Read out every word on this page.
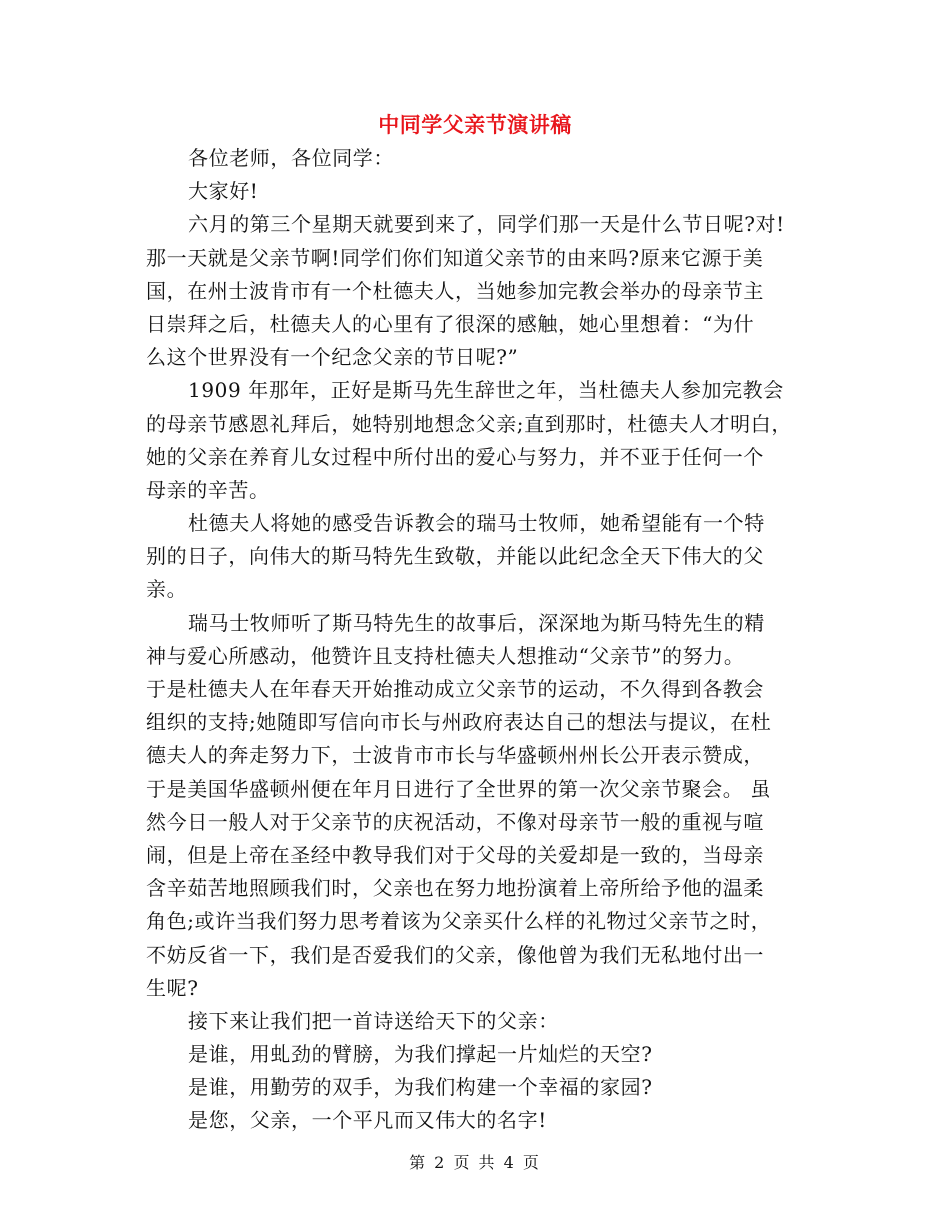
中同学父亲节演讲稿
各位老师，各位同学：
大家好!
六月的第三个星期天就要到来了，同学们那一天是什么节日呢?对!
那一天就是父亲节啊!同学们你们知道父亲节的由来吗?原来它源于美
国，在州士波肯市有一个杜德夫人，当她参加完教会举办的母亲节主
日崇拜之后，杜德夫人的心里有了很深的感触，她心里想着：“为什
么这个世界没有一个纪念父亲的节日呢?”
1909 年那年，正好是斯马先生辞世之年，当杜德夫人参加完教会
的母亲节感恩礼拜后，她特别地想念父亲;直到那时，杜德夫人才明白，
她的父亲在养育儿女过程中所付出的爱心与努力，并不亚于任何一个
母亲的辛苦。
杜德夫人将她的感受告诉教会的瑞马士牧师，她希望能有一个特
别的日子，向伟大的斯马特先生致敬，并能以此纪念全天下伟大的父
亲。
瑞马士牧师听了斯马特先生的故事后，深深地为斯马特先生的精
神与爱心所感动，他赞许且支持杜德夫人想推动“父亲节”的努力。
于是杜德夫人在年春天开始推动成立父亲节的运动，不久得到各教会
组织的支持;她随即写信向市长与州政府表达自己的想法与提议，在杜
德夫人的奔走努力下，士波肯市市长与华盛顿州州长公开表示赞成，
于是美国华盛顿州便在年月日进行了全世界的第一次父亲节聚会。 虽
然今日一般人对于父亲节的庆祝活动，不像对母亲节一般的重视与喧
闹，但是上帝在圣经中教导我们对于父母的关爱却是一致的，当母亲
含辛茹苦地照顾我们时，父亲也在努力地扮演着上帝所给予他的温柔
角色;或许当我们努力思考着该为父亲买什么样的礼物过父亲节之时，
不妨反省一下，我们是否爱我们的父亲，像他曾为我们无私地付出一
生呢?
接下来让我们把一首诗送给天下的父亲：
是谁，用虬劲的臂膀，为我们撑起一片灿烂的天空?
是谁，用勤劳的双手，为我们构建一个幸福的家园?
是您，父亲，一个平凡而又伟大的名字!
第 2 页 共 4 页
